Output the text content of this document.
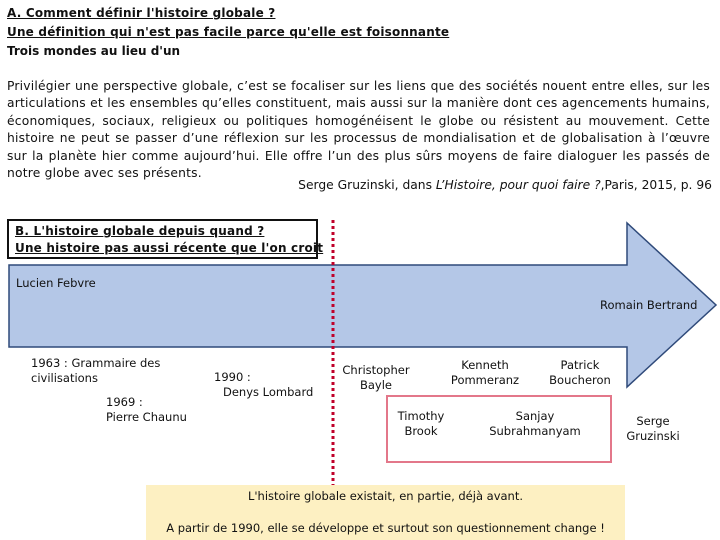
A. Comment définir l'histoire globale ?
Une définition qui n'est pas facile parce qu'elle est foisonnante
Trois mondes au lieu d'un
Privilégier une perspective globale, c’est se focaliser sur les liens que des sociétés nouent entre elles, sur les articulations et les ensembles qu’elles constituent, mais aussi sur la manière dont ces agencements humains, économiques, sociaux, religieux ou politiques homogénéisent le globe ou résistent au mouvement. Cette histoire ne peut se passer d’une réflexion sur les processus de mondialisation et de globalisation à l’œuvre sur la planète hier comme aujourd’hui. Elle offre l’un des plus sûrs moyens de faire dialoguer les passés de notre globe avec ses présents.
Serge Gruzinski, dans L’Histoire, pour quoi faire ?,Paris, 2015, p. 96
B. L'histoire globale depuis quand ?
Une histoire pas aussi récente que l'on croit
Lucien Febvre
Romain Bertrand
1963 : Grammaire des civilisations
1969 :
Pierre Chaunu
1990 :
Denys Lombard
Christopher Bayle
Kenneth Pommeranz
Patrick Boucheron
Timothy Brook
Sanjay Subrahmanyam
Serge Gruzinski
L'histoire globale existait, en partie, déjà avant.
A partir de 1990, elle se développe et surtout son questionnement change !
